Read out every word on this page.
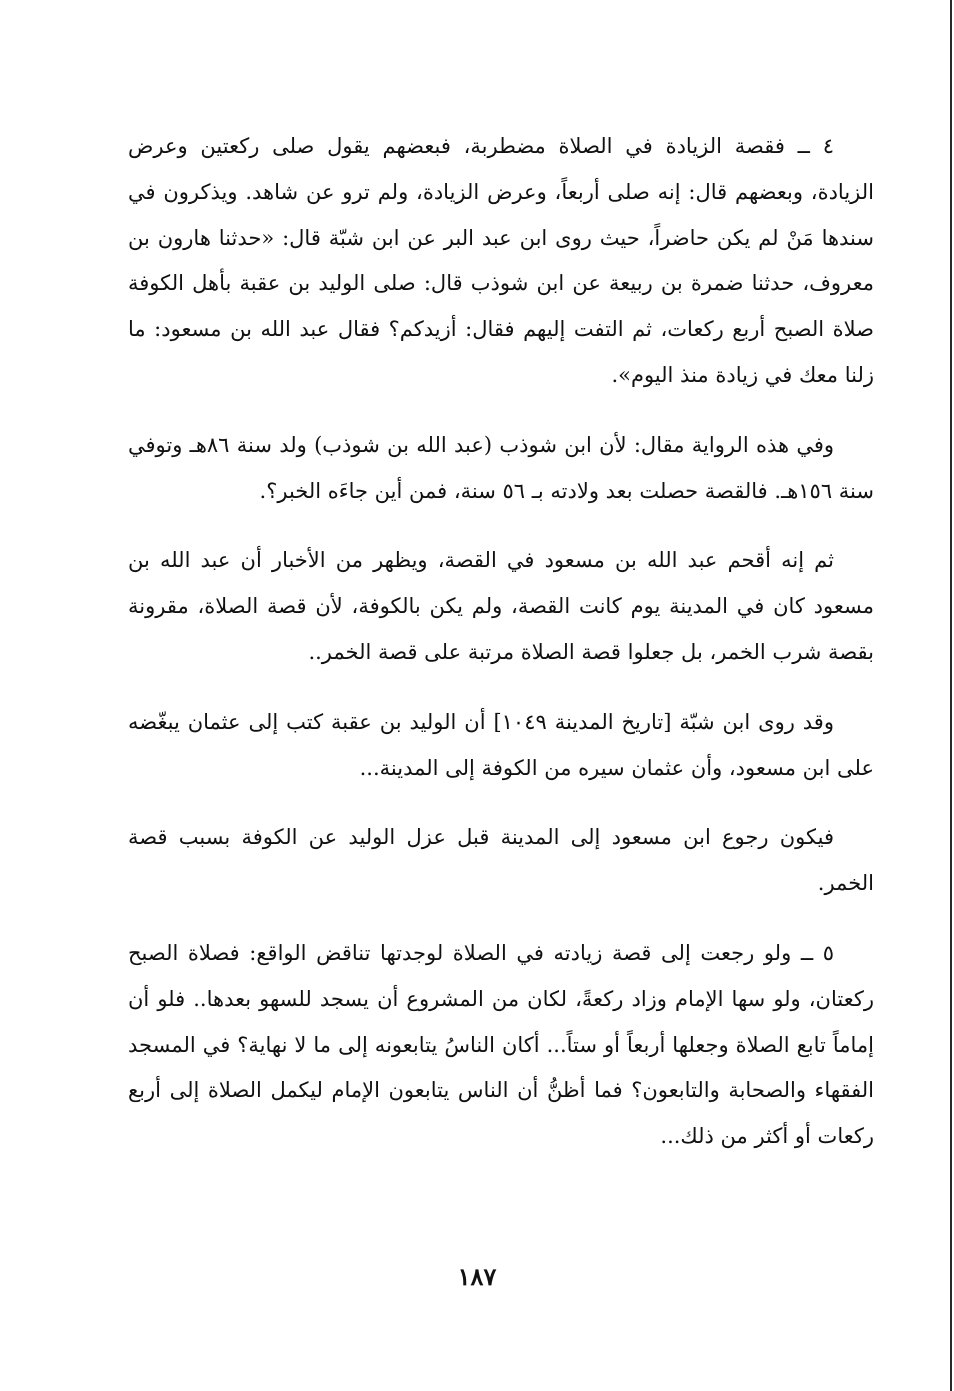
٤ ــ فقصة الزيادة في الصلاة مضطربة، فبعضهم يقول صلى ركعتين وعرض الزيادة، وبعضهم قال: إنه صلى أربعاً، وعرض الزيادة، ولم ترو عن شاهد. ويذكرون في سندها مَنْ لم يكن حاضراً، حيث روى ابن عبد البر عن ابن شبّة قال: «حدثنا هارون بن معروف، حدثنا ضمرة بن ربيعة عن ابن شوذب قال: صلى الوليد بن عقبة بأهل الكوفة صلاة الصبح أربع ركعات، ثم التفت إليهم فقال: أزيدكم؟ فقال عبد الله بن مسعود: ما زلنا معك في زيادة منذ اليوم».

وفي هذه الرواية مقال: لأن ابن شوذب (عبد الله بن شوذب) ولد سنة ٨٦هـ وتوفي سنة ١٥٦هـ. فالقصة حصلت بعد ولادته بـ ٥٦ سنة، فمن أين جاءَه الخبر؟.

ثم إنه أقحم عبد الله بن مسعود في القصة، ويظهر من الأخبار أن عبد الله بن مسعود كان في المدينة يوم كانت القصة، ولم يكن بالكوفة، لأن قصة الصلاة، مقرونة بقصة شرب الخمر، بل جعلوا قصة الصلاة مرتبة على قصة الخمر..

وقد روى ابن شبّة [تاريخ المدينة ١٠٤٩] أن الوليد بن عقبة كتب إلى عثمان يبغّضه على ابن مسعود، وأن عثمان سيره من الكوفة إلى المدينة...

فيكون رجوع ابن مسعود إلى المدينة قبل عزل الوليد عن الكوفة بسبب قصة الخمر.

٥ ــ ولو رجعت إلى قصة زيادته في الصلاة لوجدتها تناقض الواقع: فصلاة الصبح ركعتان، ولو سها الإمام وزاد ركعةً، لكان من المشروع أن يسجد للسهو بعدها.. فلو أن إماماً تابع الصلاة وجعلها أربعاً أو ستاً... أكان الناسُ يتابعونه إلى ما لا نهاية؟ في المسجد الفقهاء والصحابة والتابعون؟ فما أظنُّ أن الناس يتابعون الإمام ليكمل الصلاة إلى أربع ركعات أو أكثر من ذلك...

١٨٧
